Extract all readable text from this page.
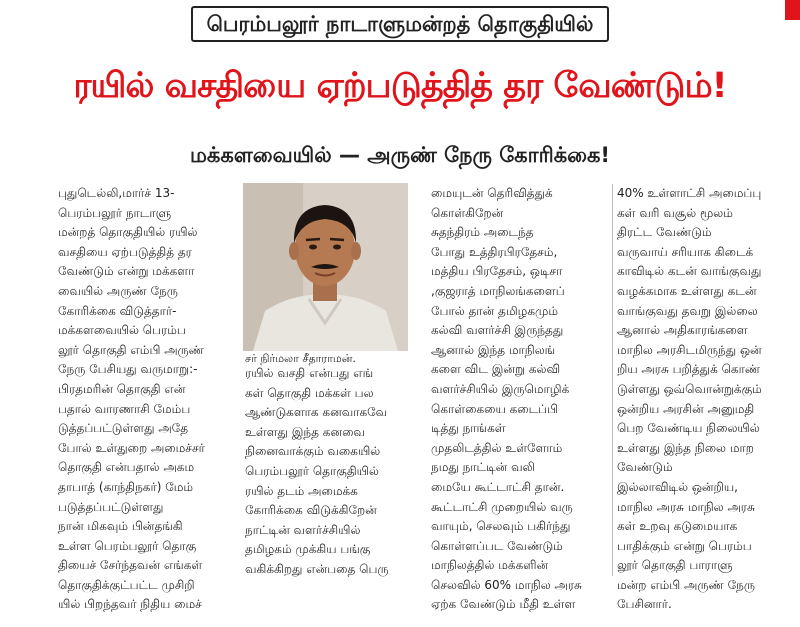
பெரம்பலூர் நாடாளுமன்றத் தொகுதியில்
ரயில் வசதியை ஏற்படுத்தித் தர வேண்டும்!
மக்களவையில் — அருண் நேரு கோரிக்கை!
சர் நிர்மலா சீதாராமன்.

புதுடெல்லி,மார்ச் 13-

பெரம்பலூர் நாடாளு

மன்றத் தொகுதியில் ரயில்

வசதியை ஏற்படுத்தித் தர

வேண்டும் என்று மக்களா

வையில் அருண் நேரு

கோரிக்கை விடுத்தார்-

மக்களவையில் பெரம்ப

லூர் தொகுதி எம்பி அருண்

நேரு பேசியது வருமாறு:-

பிரதமரின் தொகுதி என்

பதால் வாரணாசி மேம்ப

டுத்தப்பட்டுள்ளது அதே

போல் உள்துறை அமைச்சர்

தொகுதி என்பதால் அகம

தாபாத் (காந்திநகர்) மேம்

படுத்தப்பட்டுள்ளது

நான் மிகவும் பின்தங்கி

உள்ள பெரம்பலூர் தொகு

தியைச் சேர்ந்தவன் எங்கள்

தொகுதிக்குட்பட்ட முசிறி

யில் பிறந்தவர் நிதிய மைச்

ரயில் வசதி என்பது எங்

கள் தொகுதி மக்கள் பல

ஆண்டுகளாக கனவாகவே

உள்ளது இந்த கனவை

நினைவாக்கும் வகையில்

பெரம்பலூர் தொகுதியில்

ரயில் தடம் அமைக்க

கோரிக்கை விடுக்கிறேன்

நாட்டின் வளர்ச்சியில்

தமிழகம் முக்கிய பங்கு

வகிக்கிறது என்பதை பெரு

மையுடன் தெரிவித்துக்

கொள்கிறேன்

சுதந்திரம் அடைந்த

போது உத்திரபிரதேசம்,

மத்திய பிரதேசம், ஒடிசா

,குஜராத் மாநிலங்களைப்

போல் தான் தமிழகமும்

கல்வி வளர்ச்சி இருந்தது

ஆனால் இந்த மாநிலங்

களை விட இன்று கல்வி

வளர்ச்சியில் இருமொழிக்

கொள்கையை கடைப்பி

டித்து நாங்கள்

முதலிடத்தில் உள்ளோம்

நமது நாட்டின் வலி

மையே கூட்டாட்சி தான்.

கூட்டாட்சி முறையில் வரு

வாயும், செலவும் பகிர்ந்து

கொள்ளப்பட வேண்டும்

மாநிலத்தில் மக்களின்

செலவில் 60% மாநில அரசு

ஏற்க வேண்டும் மீதி உள்ள

40% உள்ளாட்சி அமைப்பு

கள் வரி வசூல் மூலம்

திரட்ட வேண்டும்

வருவாய் சரியாக கிடைக்

காவிடில் கடன் வாங்குவது

வழக்கமாக உள்ளது கடன்

வாங்குவது தவறு இல்லை

ஆனால் அதிகாரங்களை

மாநில அரசிடமிருந்து ஒன்

றிய அரசு பறித்துக் கொண்

டுள்ளது ஒவ்வொன்றுக்கும்

ஒன்றிய அரசின் அனுமதி

பெற வேண்டிய நிலையில்

உள்ளது இந்த நிலை மாற

வேண்டும்

இல்லாவிடில் ஒன்றிய,

மாநில அரசு மாநில அரசு

கள் உறவு கடுமையாக

பாதிக்கும் என்று பெரம்ப

லூர் தொகுதி பாராளு

மன்ற எம்பி அருண் நேரு

பேசினார்.
